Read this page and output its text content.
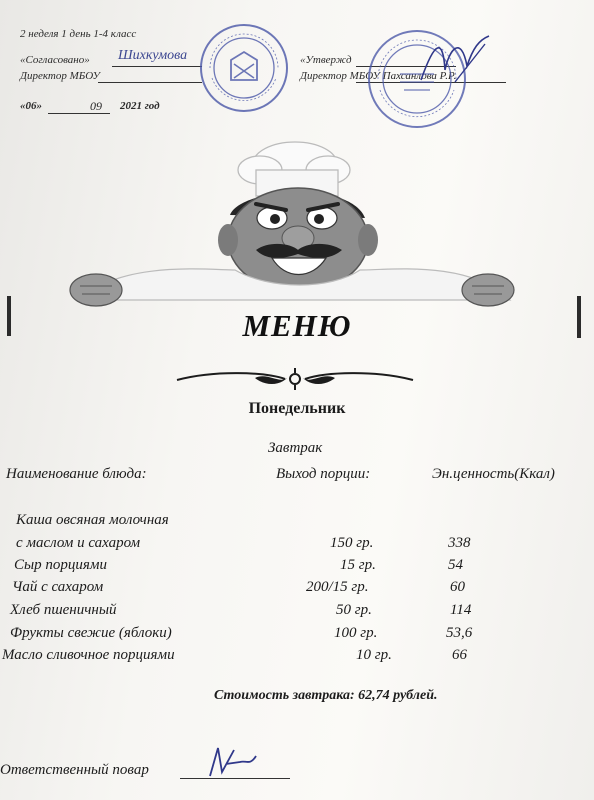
2 неделя 1 день 1-4 класс
«Согласовано» Шихкумова
Директор МБОУ
«06»	09 2021 год
«Утвержд
Директор МБОУ Пахсанлова Р.Р.
МЕНЮ
Понедельник
Завтрак
Наименование блюда:	Выход порции:	Эн.ценность(Ккал)
Каша овсяная молочная
с маслом и сахаром	150 гр.	338
Сыр порциями	15 гр.	54
Чай с сахаром	200/15 гр.	60
Хлеб пшеничный	50 гр.	114
Фрукты свежие (яблоки)	100 гр.	53,6
Масло сливочное порциями	10 гр.	66
Стоимость завтрака: 62,74 рублей.
Ответственный повар
